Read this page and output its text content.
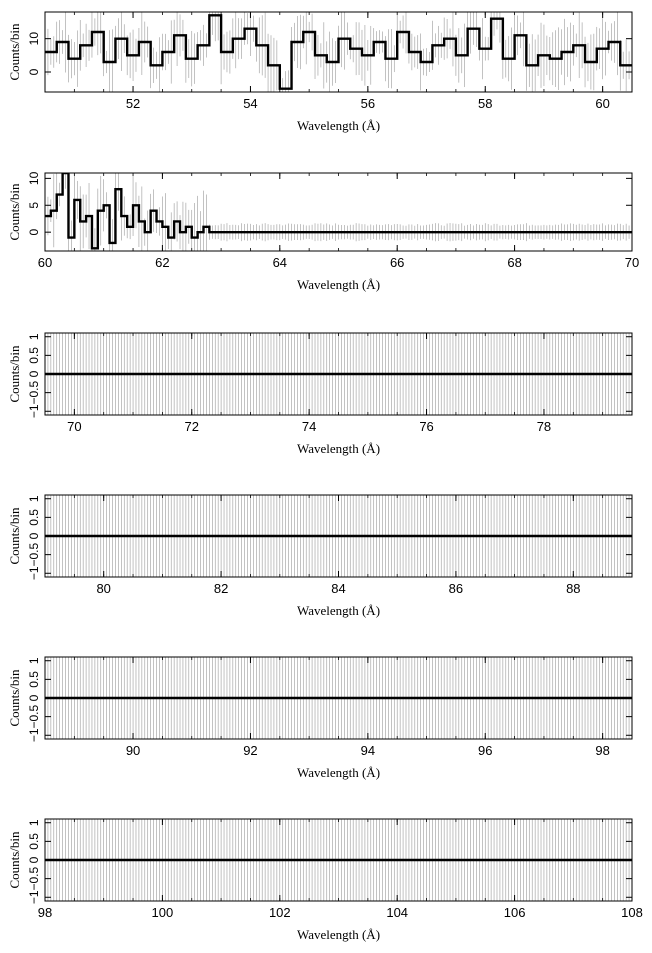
52	54	56	58	60
0
10
Wavelength (Å)
Counts/bin
60	62	64	66	68	70
0
5
10
Wavelength (Å)
Counts/bin
70	72	74	76	78
−1
−0.5
0
0.5
1
Wavelength (Å)
Counts/bin
80	82	84	86	88
−1
−0.5
0
0.5
1
Wavelength (Å)
Counts/bin
90	92	94	96	98
−1
−0.5
0
0.5
1
Wavelength (Å)
Counts/bin
98	100	102	104	106	108
−1
−0.5
0
0.5
1
Wavelength (Å)
Counts/bin
